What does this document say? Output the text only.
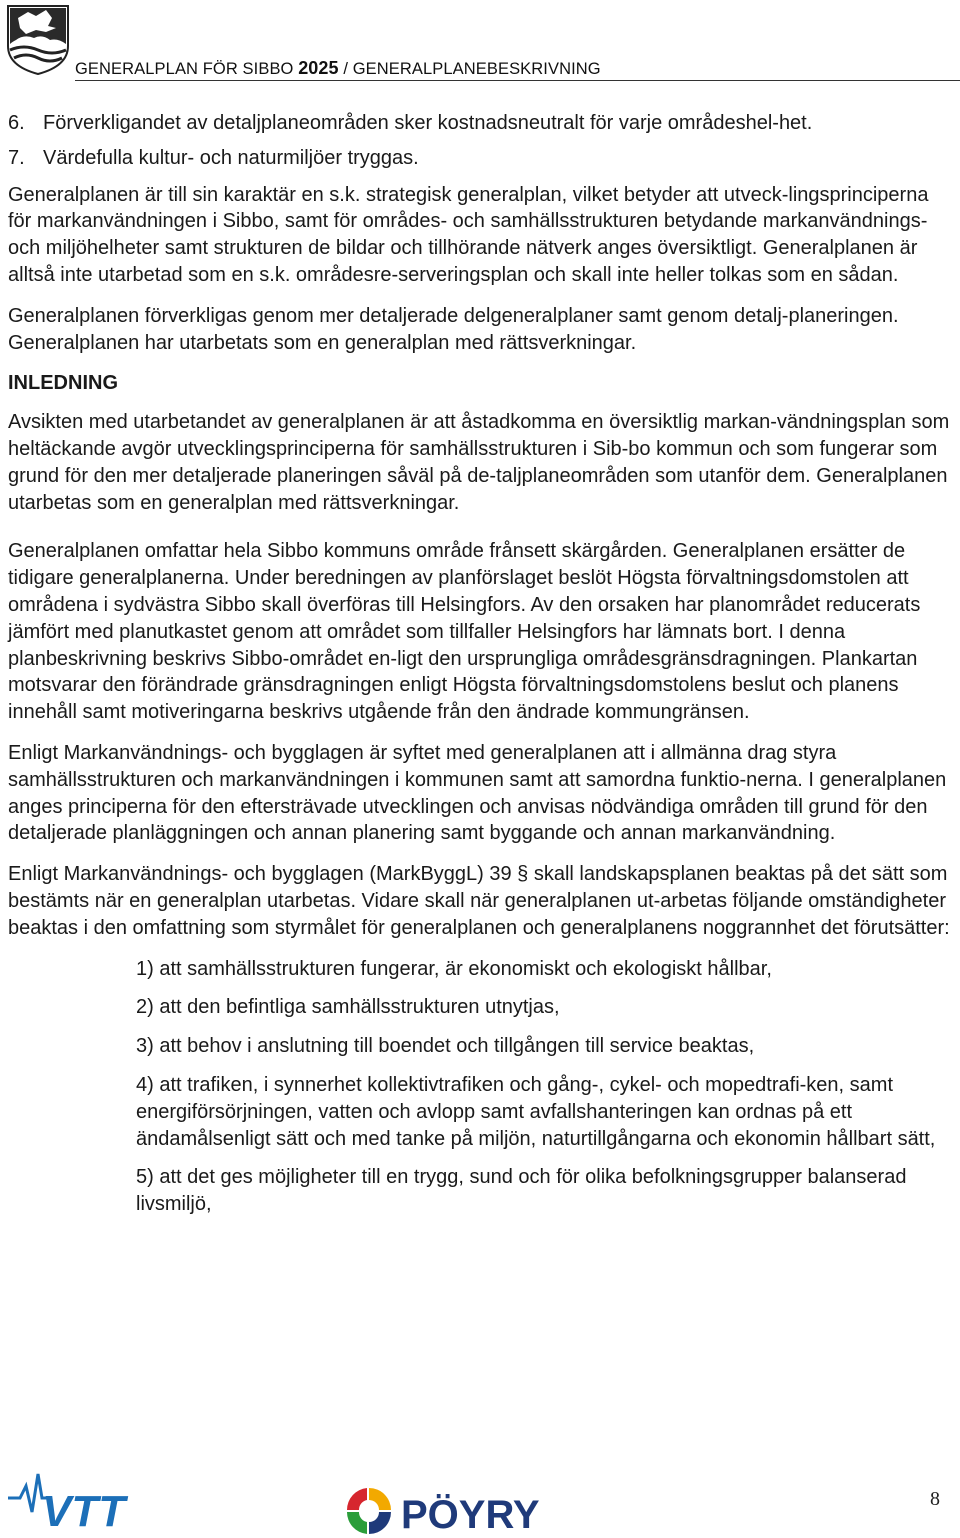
GENERALPLAN FÖR SIBBO 2025 / GENERALPLANEBESKRIVNING
6. Förverkligandet av detaljplaneområden sker kostnadsneutralt för varje områdeshel-het.
7. Värdefulla kultur- och naturmiljöer tryggas.

Generalplanen är till sin karaktär en s.k. strategisk generalplan, vilket betyder att utveck-lingsprinciperna för markanvändningen i Sibbo, samt för områdes- och samhällsstrukturen betydande markanvändnings- och miljöhelheter samt strukturen de bildar och tillhörande nätverk anges översiktligt. Generalplanen är alltså inte utarbetad som en s.k. områdesre-serveringsplan och skall inte heller tolkas som en sådan.

Generalplanen förverkligas genom mer detaljerade delgeneralplaner samt genom detalj-planeringen. Generalplanen har utarbetats som en generalplan med rättsverkningar.

INLEDNING

Avsikten med utarbetandet av generalplanen är att åstadkomma en översiktlig markan-vändningsplan som heltäckande avgör utvecklingsprinciperna för samhällsstrukturen i Sib-bo kommun och som fungerar som grund för den mer detaljerade planeringen såväl på de-taljplaneområden som utanför dem. Generalplanen utarbetas som en generalplan med rättsverkningar.

Generalplanen omfattar hela Sibbo kommuns område frånsett skärgården. Generalplanen ersätter de tidigare generalplanerna. Under beredningen av planförslaget beslöt Högsta förvaltningsdomstolen att områdena i sydvästra Sibbo skall överföras till Helsingfors. Av den orsaken har planområdet reducerats jämfört med planutkastet genom att området som tillfaller Helsingfors har lämnats bort. I denna planbeskrivning beskrivs Sibbo-området en-ligt den ursprungliga områdesgränsdragningen. Plankartan motsvarar den förändrade gränsdragningen enligt Högsta förvaltningsdomstolens beslut och planens innehåll samt motiveringarna beskrivs utgående från den ändrade kommungränsen.

Enligt Markanvändnings- och bygglagen är syftet med generalplanen att i allmänna drag styra samhällsstrukturen och markanvändningen i kommunen samt att samordna funktio-nerna. I generalplanen anges principerna för den eftersträvade utvecklingen och anvisas nödvändiga områden till grund för den detaljerade planläggningen och annan planering samt byggande och annan markanvändning.

Enligt Markanvändnings- och bygglagen (MarkByggL) 39 § skall landskapsplanen beaktas på det sätt som bestämts när en generalplan utarbetas. Vidare skall när generalplanen ut-arbetas följande omständigheter beaktas i den omfattning som styrmålet för generalplanen och generalplanens noggrannhet det förutsätter:

1) att samhällsstrukturen fungerar, är ekonomiskt och ekologiskt hållbar,

2) att den befintliga samhällsstrukturen utnytjas,

3) att behov i anslutning till boendet och tillgången till service beaktas,

4) att trafiken, i synnerhet kollektivtrafiken och gång-, cykel- och mopedtrafi-ken, samt energiförsörjningen, vatten och avlopp samt avfallshanteringen kan ordnas på ett ändamålsenligt sätt och med tanke på miljön, naturtillgångarna och ekonomin hållbart sätt,

5) att det ges möjligheter till en trygg, sund och för olika befolkningsgrupper balanserad livsmiljö,

VTT	PÖYRY	8
